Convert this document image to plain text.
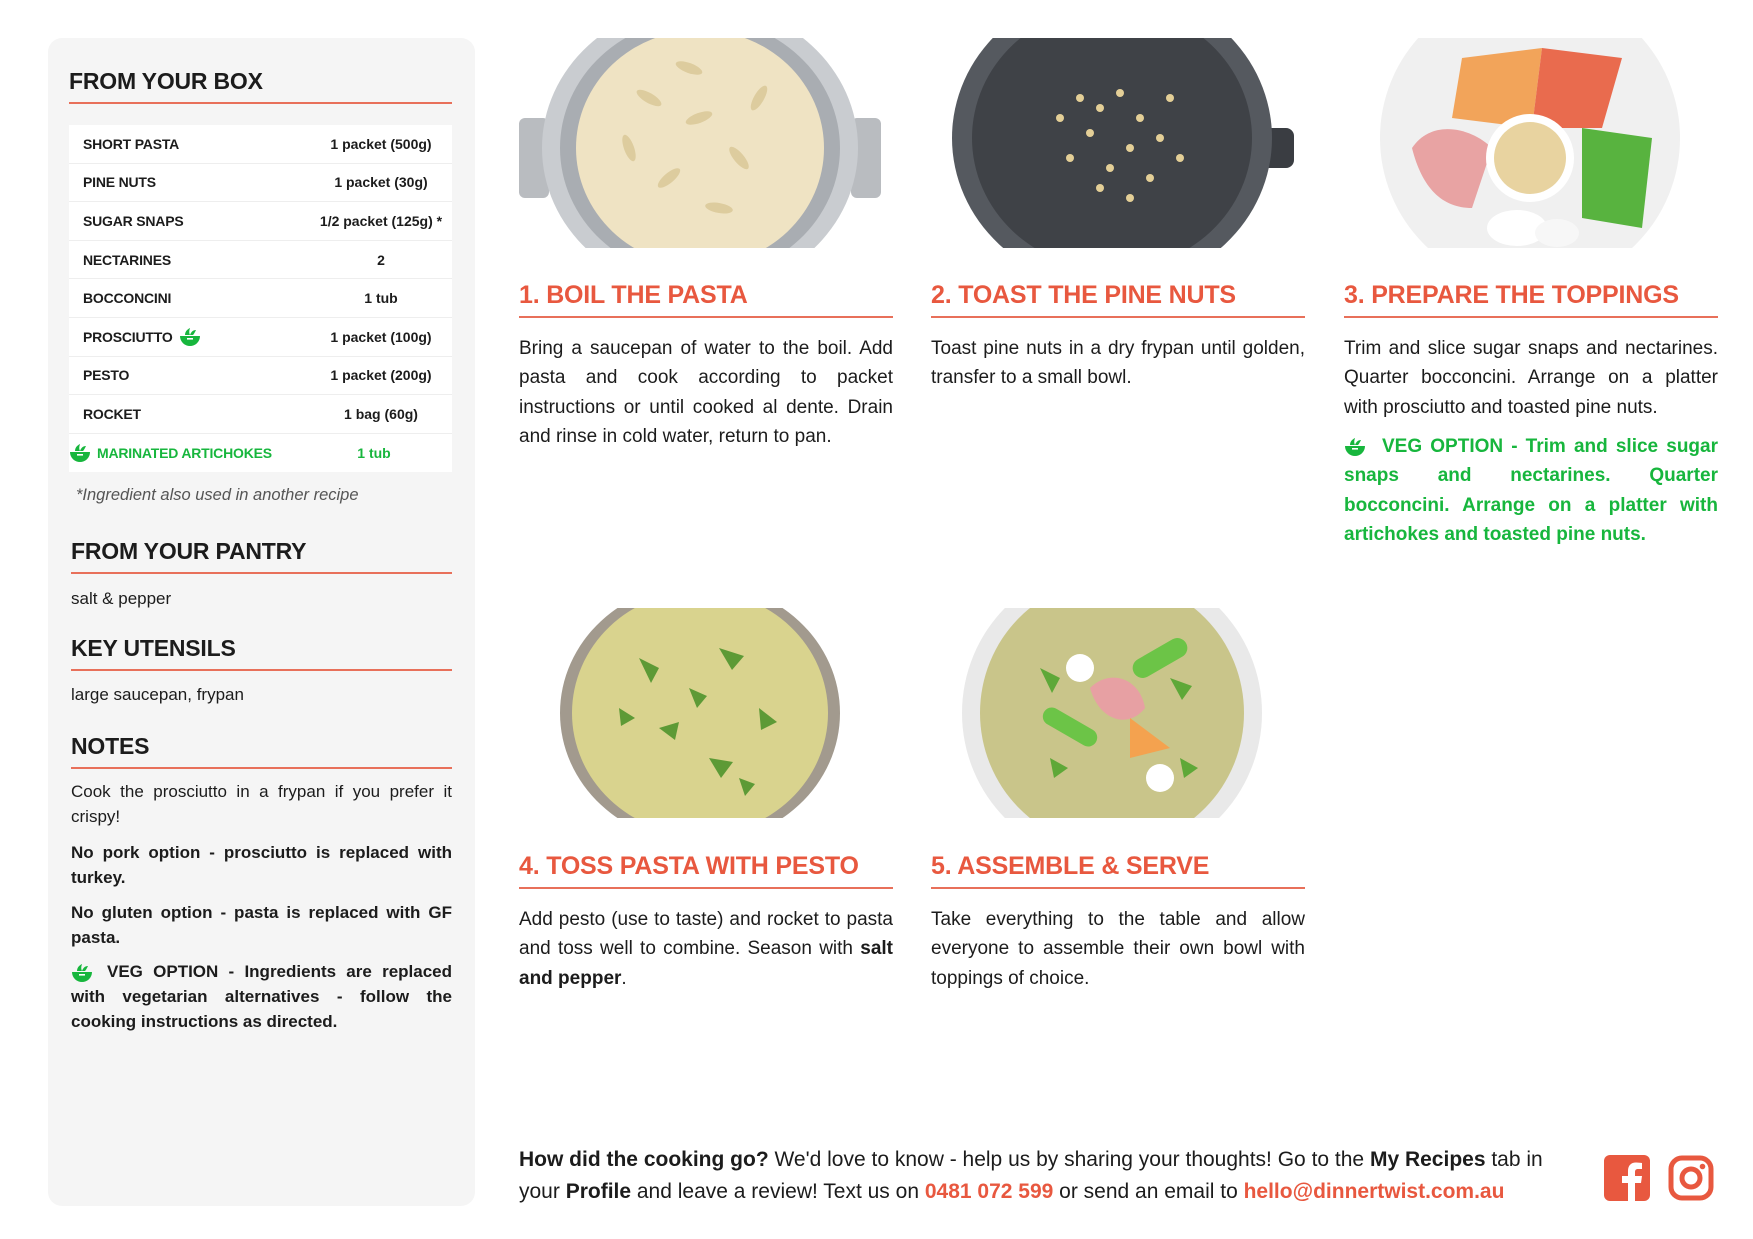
FROM YOUR BOX
SHORT PASTA	1 packet (500g)
PINE NUTS	1 packet (30g)
SUGAR SNAPS	1/2 packet (125g) *
NECTARINES	2
BOCCONCINI	1 tub
PROSCIUTTO	1 packet (100g)
PESTO	1 packet (200g)
ROCKET	1 bag (60g)
MARINATED ARTICHOKES	1 tub
*Ingredient also used in another recipe
FROM YOUR PANTRY
salt & pepper
KEY UTENSILS
large saucepan, frypan
NOTES
Cook the prosciutto in a frypan if you prefer it crispy!
No pork option - prosciutto is replaced with turkey.
No gluten option - pasta is replaced with GF pasta.
VEG OPTION - Ingredients are replaced with vegetarian alternatives - follow the cooking instructions as directed.
1. BOIL THE PASTA
Bring a saucepan of water to the boil. Add pasta and cook according to packet instructions or until cooked al dente. Drain and rinse in cold water, return to pan.
2. TOAST THE PINE NUTS
Toast pine nuts in a dry frypan until golden, transfer to a small bowl.
3. PREPARE THE TOPPINGS
Trim and slice sugar snaps and nectarines. Quarter bocconcini. Arrange on a platter with prosciutto and toasted pine nuts.
VEG OPTION - Trim and slice sugar snaps and nectarines. Quarter bocconcini. Arrange on a platter with artichokes and toasted pine nuts.
4. TOSS PASTA WITH PESTO
Add pesto (use to taste) and rocket to pasta and toss well to combine. Season with salt and pepper.
5. ASSEMBLE & SERVE
Take everything to the table and allow everyone to assemble their own bowl with toppings of choice.
How did the cooking go? We'd love to know - help us by sharing your thoughts! Go to the My Recipes tab in your Profile and leave a review! Text us on 0481 072 599 or send an email to hello@dinnertwist.com.au
